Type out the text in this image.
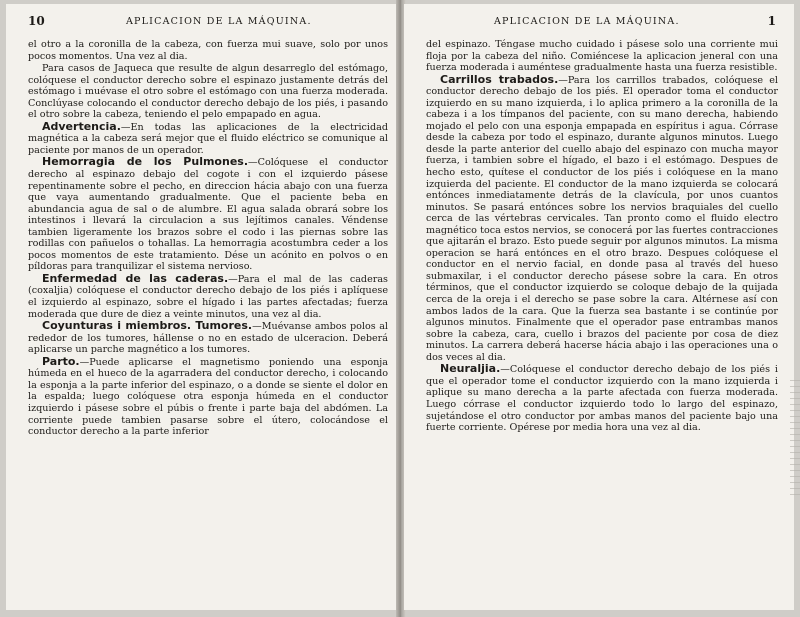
10	APLICACION DE LA MÁQUINA.

el otro a la coronilla de la cabeza, con fuerza mui suave, solo por unos pocos momentos. Una vez al dia.

Para casos de Jaqueca que resulte de algun desarreglo del estómago, colóquese el conductor derecho sobre el espinazo justamente detrás del estómago i muévase el otro sobre el estómago con una fuerza moderada. Conclúyase colocando el conductor derecho debajo de los piés, i pasando el otro sobre la cabeza, teniendo el pelo empapado en agua.

Advertencia.—En todas las aplicaciones de la electricidad magnética a la cabeza será mejor que el fluido eléctrico se comunique al paciente por manos de un operador.

Hemorragia de los Pulmones.—Colóquese el conductor derecho al espinazo debajo del cogote i con el izquierdo pásese repentinamente sobre el pecho, en direccion hácia abajo con una fuerza que vaya aumentando gradualmente. Que el paciente beba en abundancia agua de sal o de alumbre. El agua salada obrará sobre los intestinos i llevará la circulacion a sus lejítimos canales. Véndense tambien ligeramente los brazos sobre el codo i las piernas sobre las rodillas con pañuelos o tohallas. La hemorragia acostumbra ceder a los pocos momentos de este tratamiento. Dése un acónito en polvos o en píldoras para tranquilizar el sistema nervioso.

Enfermedad de las caderas.—Para el mal de las caderas (coxaljia) colóquese el conductor derecho debajo de los piés i aplíquese el izquierdo al espinazo, sobre el hígado i las partes afectadas; fuerza moderada que dure de diez a veinte minutos, una vez al dia.

Coyunturas i miembros. Tumores.—Muévanse ambos polos al rededor de los tumores, hállense o no en estado de ulceracion. Deberá aplicarse un parche magnético a los tumores.

Parto.—Puede aplicarse el magnetismo poniendo una esponja húmeda en el hueco de la agarradera del conductor derecho, i colocando la esponja a la parte inferior del espinazo, o a donde se siente el dolor en la espalda; luego colóquese otra esponja húmeda en el conductor izquierdo i pásese sobre el púbis o frente i parte baja del abdómen. La corriente puede tambien pasarse sobre el útero, colocándose el conductor derecho a la parte inferior

APLICACION DE LA MÁQUINA.	1

del espinazo. Téngase mucho cuidado i pásese solo una corriente mui floja por la cabeza del niño. Comiéncese la aplicacion jeneral con una fuerza moderada i auméntese gradualmente hasta una fuerza resistible.

Carrillos trabados.—Para los carrillos trabados, colóquese el conductor derecho debajo de los piés. El operador toma el conductor izquierdo en su mano izquierda, i lo aplica primero a la coronilla de la cabeza i a los tímpanos del paciente, con su mano derecha, habiendo mojado el pelo con una esponja empapada en espíritus i agua. Córrase desde la cabeza por todo el espinazo, durante algunos minutos. Luego desde la parte anterior del cuello abajo del espinazo con mucha mayor fuerza, i tambien sobre el hígado, el bazo i el estómago. Despues de hecho esto, quítese el conductor de los piés i colóquese en la mano izquierda del paciente. El conductor de la mano izquierda se colocará entónces inmediatamente detrás de la clavícula, por unos cuantos minutos. Se pasará entónces sobre los nervios braquiales del cuello cerca de las vértebras cervicales. Tan pronto como el fluido electro magnético toca estos nervios, se conocerá por las fuertes contracciones que ajitarán el brazo. Esto puede seguir por algunos minutos. La misma operacion se hará entónces en el otro brazo. Despues colóquese el conductor en el nervio facial, en donde pasa al través del hueso submaxilar, i el conductor derecho pásese sobre la cara. En otros términos, que el conductor izquierdo se coloque debajo de la quijada cerca de la oreja i el derecho se pase sobre la cara. Altérnese así con ambos lados de la cara. Que la fuerza sea bastante i se continúe por algunos minutos. Finalmente que el operador pase entrambas manos sobre la cabeza, cara, cuello i brazos del paciente por cosa de diez minutos. La carrera deberá hacerse hácia abajo i las operaciones una o dos veces al dia.

Neuraljia.—Colóquese el conductor derecho debajo de los piés i que el operador tome el conductor izquierdo con la mano izquierda i aplique su mano derecha a la parte afectada con fuerza moderada. Luego córrase el conductor izquierdo todo lo largo del espinazo, sujetándose el otro conductor por ambas manos del paciente bajo una fuerte corriente. Opérese por media hora una vez al dia.
